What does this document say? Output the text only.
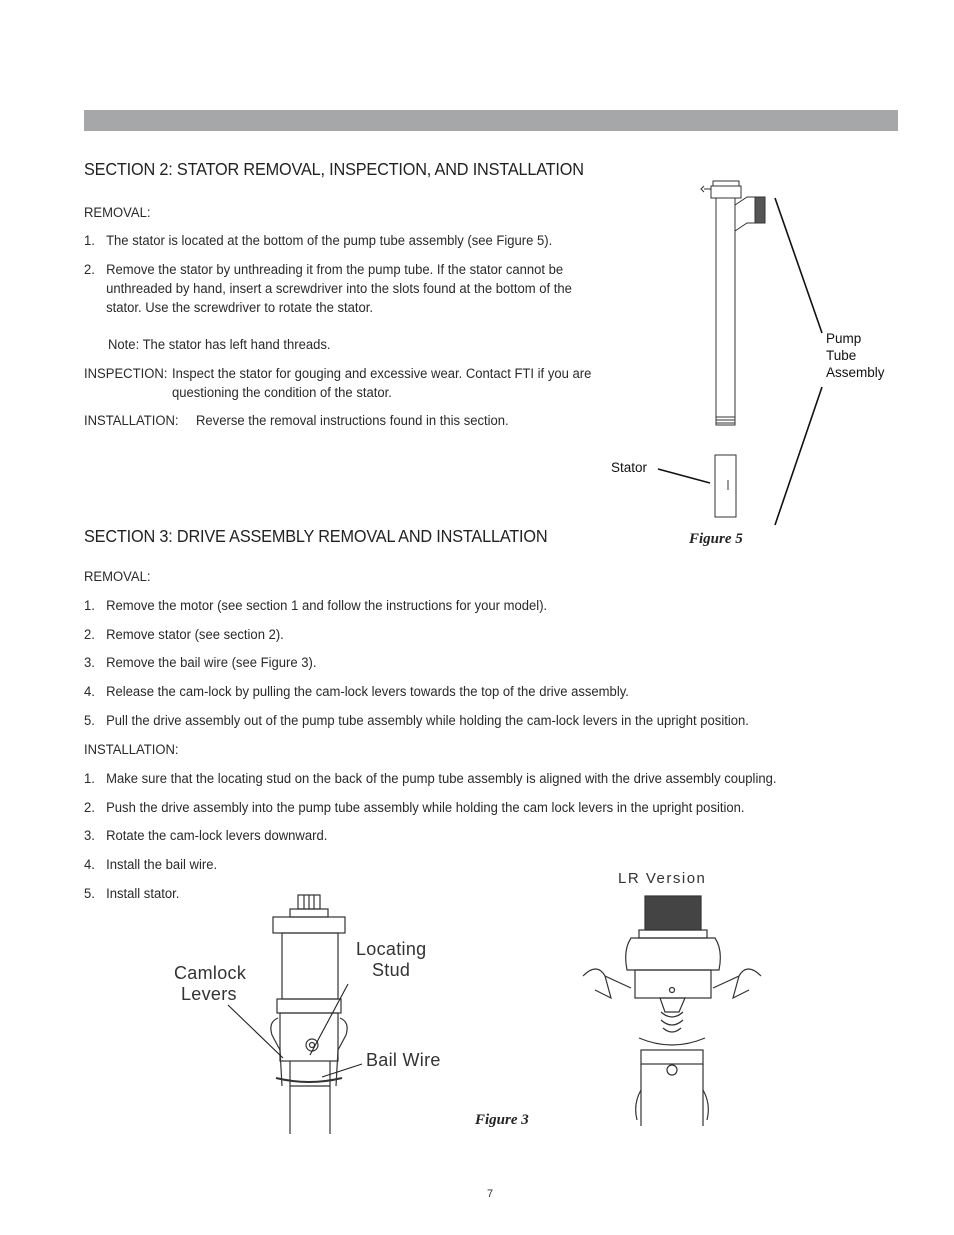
SECTION 2: STATOR REMOVAL, INSPECTION, AND INSTALLATION
REMOVAL:
1. The stator is located at the bottom of the pump tube assembly (see Figure 5).
2. Remove the stator by unthreading it from the pump tube. If the stator cannot be
unthreaded by hand, insert a screwdriver into the slots found at the bottom of the
stator. Use the screwdriver to rotate the stator.
Note: The stator has left hand threads.
INSPECTION: Inspect the stator for gouging and excessive wear. Contact FTI if you are
questioning the condition of the stator.
INSTALLATION: Reverse the removal instructions found in this section.
Pump
Tube
Assembly
Stator
Figure 5
SECTION 3: DRIVE ASSEMBLY REMOVAL AND INSTALLATION
REMOVAL:
1. Remove the motor (see section 1 and follow the instructions for your model).
2. Remove stator (see section 2).
3. Remove the bail wire (see Figure 3).
4. Release the cam-lock by pulling the cam-lock levers towards the top of the drive assembly.
5. Pull the drive assembly out of the pump tube assembly while holding the cam-lock levers in the upright position.
INSTALLATION:
1. Make sure that the locating stud on the back of the pump tube assembly is aligned with the drive assembly coupling.
2. Push the drive assembly into the pump tube assembly while holding the cam lock levers in the upright position.
3. Rotate the cam-lock levers downward.
4. Install the bail wire.
5. Install stator.
Camlock
Levers
Locating
Stud
Bail Wire
LR Version
Figure 3
7
